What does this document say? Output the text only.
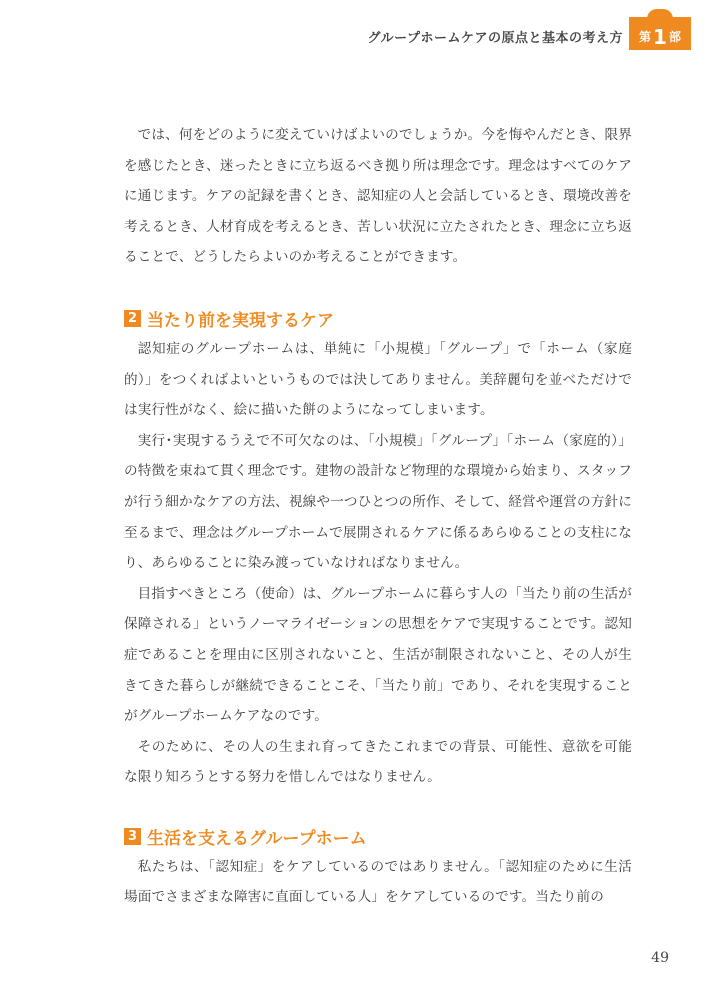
グループホームケアの原点と基本の考え方 第 1 部

では、何をどのように変えていけばよいのでしょうか。今を悔やんだとき、限界を感じたとき、迷ったときに立ち返るべき拠り所は理念です。理念はすべてのケアに通じます。ケアの記録を書くとき、認知症の人と会話しているとき、環境改善を考えるとき、人材育成を考えるとき、苦しい状況に立たされたとき、理念に立ち返ることで、どうしたらよいのか考えることができます。

2 当たり前を実現するケア

認知症のグループホームは、単純に「小規模」「グループ」で「ホーム（家庭的）」をつくればよいというものでは決してありません。美辞麗句を並べただけでは実行性がなく、絵に描いた餅のようになってしまいます。

実行･実現するうえで不可欠なのは、「小規模」「グループ」「ホーム（家庭的）」の特徴を束ねて貫く理念です。建物の設計など物理的な環境から始まり、スタッフが行う細かなケアの方法、視線や一つひとつの所作、そして、経営や運営の方針に至るまで、理念はグループホームで展開されるケアに係るあらゆることの支柱になり、あらゆることに染み渡っていなければなりません。

目指すべきところ（使命）は、グループホームに暮らす人の「当たり前の生活が保障される」というノーマライゼーションの思想をケアで実現することです。認知症であることを理由に区別されないこと、生活が制限されないこと、その人が生きてきた暮らしが継続できることこそ、「当たり前」であり、それを実現することがグループホームケアなのです。

そのために、その人の生まれ育ってきたこれまでの背景、可能性、意欲を可能な限り知ろうとする努力を惜しんではなりません。

3 生活を支えるグループホーム

私たちは、「認知症」をケアしているのではありません。「認知症のために生活場面でさまざまな障害に直面している人」をケアしているのです。当たり前の

49
